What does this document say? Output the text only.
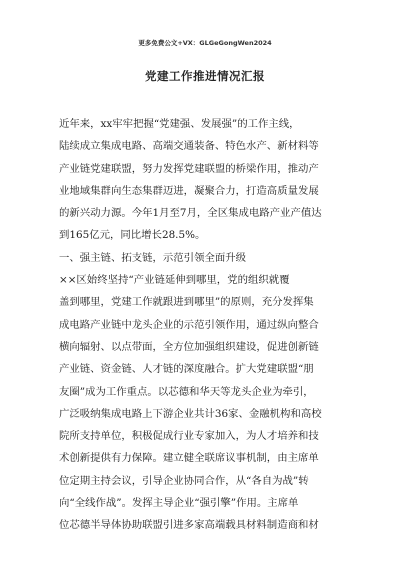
更多免费公文+VX：GLGeGongWen2024
党建工作推进情况汇报
近年来，xx牢牢把握“党建强、发展强”的工作主线，
陆续成立集成电路、高端交通装备、特色水产、新材料等
产业链党建联盟，努力发挥党建联盟的桥梁作用，推动产
业地域集群向生态集群迈进，凝聚合力，打造高质量发展
的新兴动力源。今年1月至7月，全区集成电路产业产值达
到165亿元，同比增长28.5%。
一、强主链、拓支链，示范引领全面升级
××区始终坚持“产业链延伸到哪里，党的组织就覆
盖到哪里，党建工作就跟进到哪里”的原则，充分发挥集
成电路产业链中龙头企业的示范引领作用，通过纵向整合
横向辐射、以点带面，全方位加强组织建设，促进创新链
产业链、资金链、人才链的深度融合。扩大党建联盟“朋
友圈”成为工作重点。以芯德和华天等龙头企业为牵引，
广泛吸纳集成电路上下游企业共计36家、金融机构和高校
院所支持单位，积极促成行业专家加入，为人才培养和技
术创新提供有力保障。建立健全联席议事机制，由主席单
位定期主持会议，引导企业协同合作，从“各自为战”转
向“全线作战”。发挥主导企业“强引擎”作用。主席单
位芯德半导体协助联盟引进多家高端载具材料制造商和材
